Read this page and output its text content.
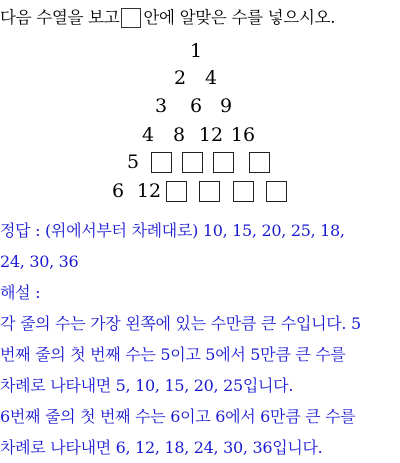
다음 수열을 보고 안에 알맞은 수를 넣으시오.
1
2 4
3	6 9
4 8 12 16
5
6 12
정답 : (위에서부터 차례대로) 10, 15, 20, 25, 18,
24, 30, 36
해설 :
각 줄의 수는 가장 왼쪽에 있는 수만큼 큰 수입니다. 5
번째 줄의 첫 번째 수는 5이고 5에서 5만큼 큰 수를
차례로 나타내면 5, 10, 15, 20, 25입니다.
6번째 줄의 첫 번째 수는 6이고 6에서 6만큼 큰 수를
차례로 나타내면 6, 12, 18, 24, 30, 36입니다.
